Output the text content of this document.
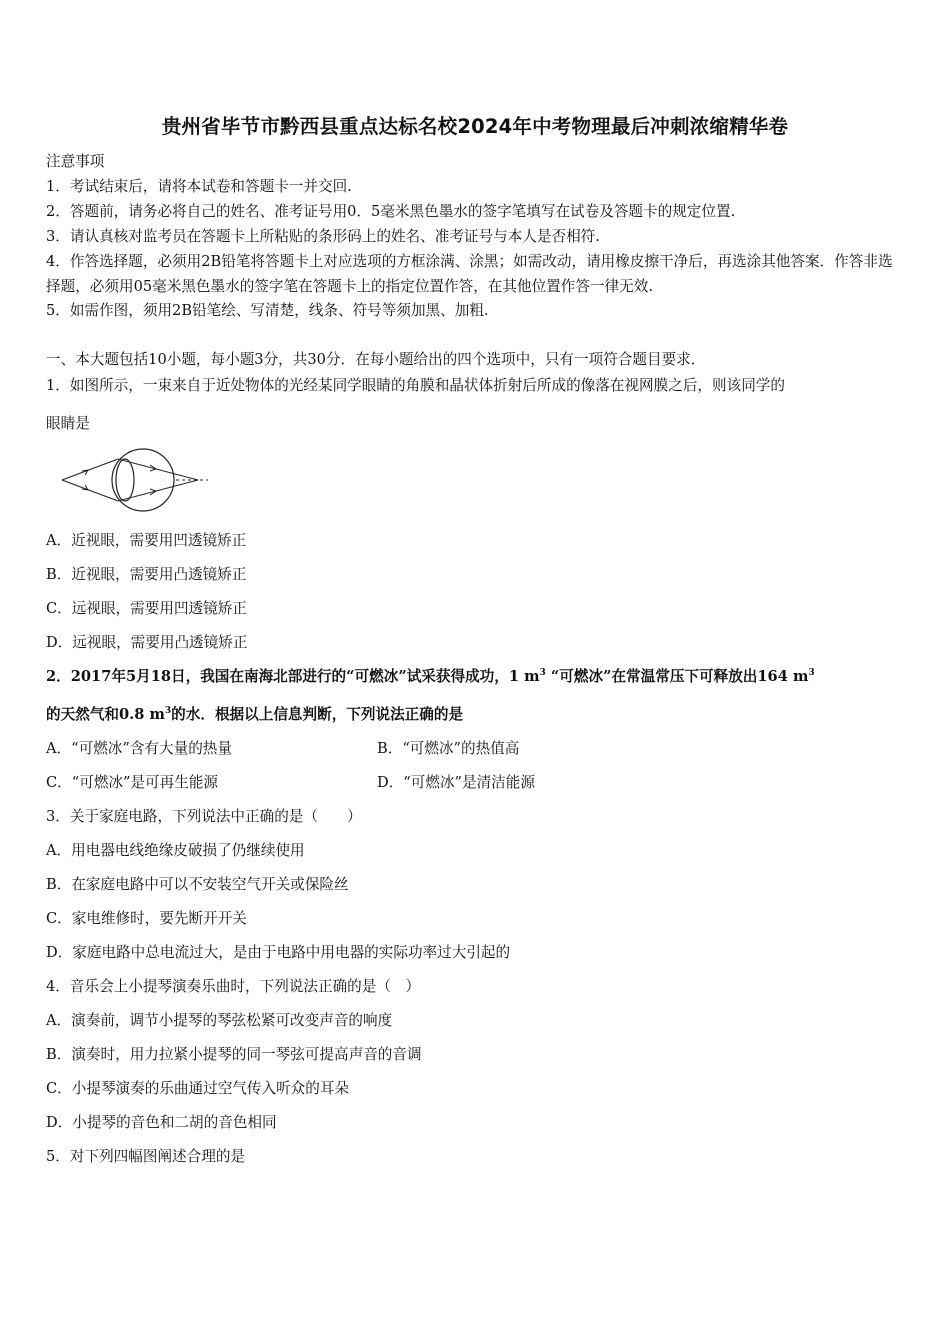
贵州省毕节市黔西县重点达标名校2024年中考物理最后冲刺浓缩精华卷
注意事项
1．考试结束后，请将本试卷和答题卡一并交回.
2．答题前，请务必将自己的姓名、准考证号用0．5毫米黑色墨水的签字笔填写在试卷及答题卡的规定位置.
3．请认真核对监考员在答题卡上所粘贴的条形码上的姓名、准考证号与本人是否相符.
4．作答选择题，必须用2B铅笔将答题卡上对应选项的方框涂满、涂黑；如需改动，请用橡皮擦干净后，再选涂其他答案．作答非选择题，必须用05毫米黑色墨水的签字笔在答题卡上的指定位置作答，在其他位置作答一律无效.
5．如需作图，须用2B铅笔绘、写清楚，线条、符号等须加黑、加粗.
一、本大题包括10小题，每小题3分，共30分．在每小题给出的四个选项中，只有一项符合题目要求．
1．如图所示，一束来自于近处物体的光经某同学眼睛的角膜和晶状体折射后所成的像落在视网膜之后，则该同学的
眼睛是
A．近视眼，需要用凹透镜矫正
B．近视眼，需要用凸透镜矫正
C．远视眼，需要用凹透镜矫正
D．远视眼，需要用凸透镜矫正
2．2017年5月18日，我国在南海北部进行的“可燃冰”试采获得成功，1 $m^3$ “可燃冰”在常温常压下可释放出164 $m^3$
的天然气和0.8 $m^3$的水．根据以上信息判断，下列说法正确的是
A．“可燃冰”含有大量的热量	B．“可燃冰”的热值高
C．“可燃冰”是可再生能源	D．“可燃冰”是清洁能源
3．关于家庭电路，下列说法中正确的是（　　）
A．用电器电线绝缘皮破损了仍继续使用
B．在家庭电路中可以不安装空气开关或保险丝
C．家电维修时，要先断开开关
D．家庭电路中总电流过大，是由于电路中用电器的实际功率过大引起的
4．音乐会上小提琴演奏乐曲时，下列说法正确的是（　）
A．演奏前，调节小提琴的琴弦松紧可改变声音的响度
B．演奏时，用力拉紧小提琴的同一琴弦可提高声音的音调
C．小提琴演奏的乐曲通过空气传入听众的耳朵
D．小提琴的音色和二胡的音色相同
5．对下列四幅图阐述合理的是
